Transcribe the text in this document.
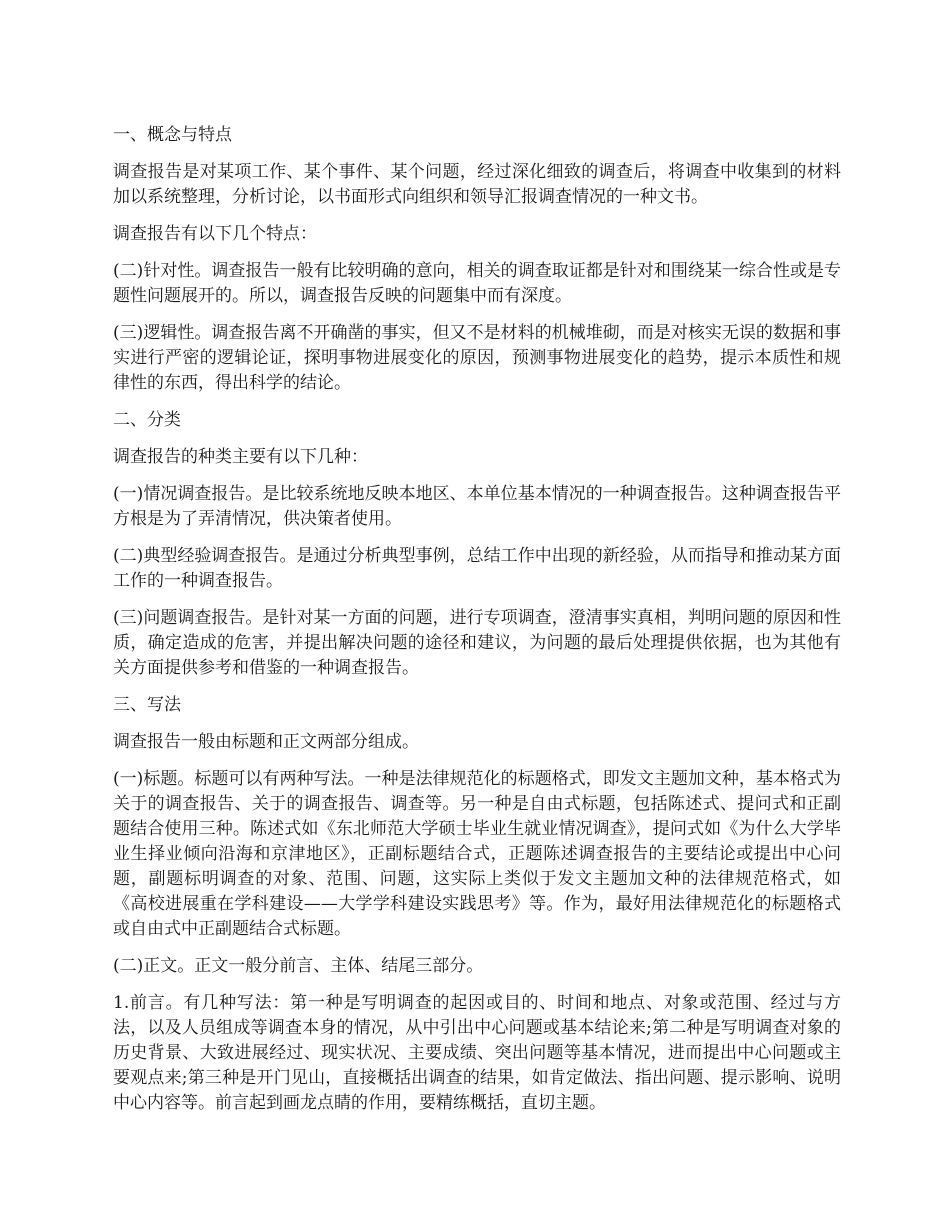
一、概念与特点

调查报告是对某项工作、某个事件、某个问题，经过深化细致的调查后，将调查中收集到的材料加以系统整理，分析讨论，以书面形式向组织和领导汇报调查情况的一种文书。

调查报告有以下几个特点：

(二)针对性。调查报告一般有比较明确的意向，相关的调查取证都是针对和围绕某一综合性或是专题性问题展开的。所以，调查报告反映的问题集中而有深度。

(三)逻辑性。调查报告离不开确凿的事实，但又不是材料的机械堆砌，而是对核实无误的数据和事实进行严密的逻辑论证，探明事物进展变化的原因，预测事物进展变化的趋势，提示本质性和规律性的东西，得出科学的结论。

二、分类

调查报告的种类主要有以下几种：

(一)情况调查报告。是比较系统地反映本地区、本单位基本情况的一种调查报告。这种调查报告平方根是为了弄清情况，供决策者使用。

(二)典型经验调查报告。是通过分析典型事例，总结工作中出现的新经验，从而指导和推动某方面工作的一种调查报告。

(三)问题调查报告。是针对某一方面的问题，进行专项调查，澄清事实真相，判明问题的原因和性质，确定造成的危害，并提出解决问题的途径和建议，为问题的最后处理提供依据，也为其他有关方面提供参考和借鉴的一种调查报告。

三、写法

调查报告一般由标题和正文两部分组成。

(一)标题。标题可以有两种写法。一种是法律规范化的标题格式，即发文主题加文种，基本格式为关于的调查报告、关于的调查报告、调查等。另一种是自由式标题，包括陈述式、提问式和正副题结合使用三种。陈述式如《东北师范大学硕士毕业生就业情况调查》，提问式如《为什么大学毕业生择业倾向沿海和京津地区》，正副标题结合式，正题陈述调查报告的主要结论或提出中心问题，副题标明调查的对象、范围、问题，这实际上类似于发文主题加文种的法律规范格式，如《高校进展重在学科建设——大学学科建设实践思考》等。作为，最好用法律规范化的标题格式或自由式中正副题结合式标题。

(二)正文。正文一般分前言、主体、结尾三部分。

1.前言。有几种写法：第一种是写明调查的起因或目的、时间和地点、对象或范围、经过与方法，以及人员组成等调查本身的情况，从中引出中心问题或基本结论来;第二种是写明调查对象的历史背景、大致进展经过、现实状况、主要成绩、突出问题等基本情况，进而提出中心问题或主要观点来;第三种是开门见山，直接概括出调查的结果，如肯定做法、指出问题、提示影响、说明中心内容等。前言起到画龙点睛的作用，要精练概括，直切主题。
